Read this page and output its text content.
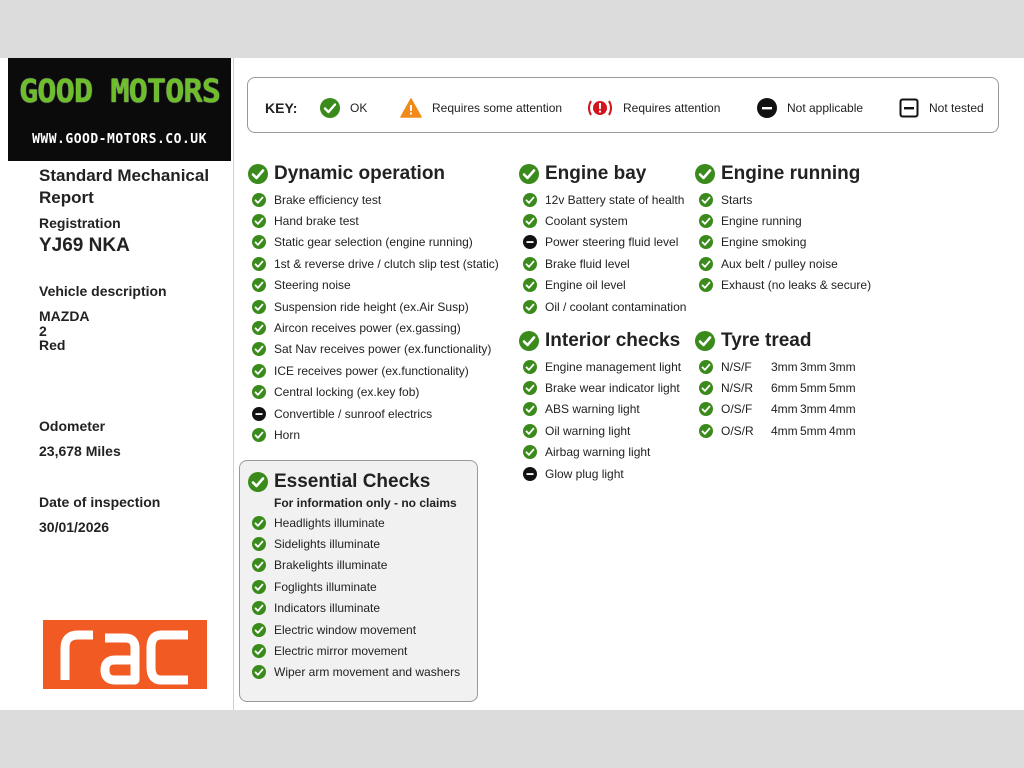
GOOD MOTORS
WWW.GOOD-MOTORS.CO.UK
Standard Mechanical Report
Registration
YJ69 NKA
Vehicle description
MAZDA
2
Red
Odometer
23,678 Miles
Date of inspection
30/01/2026
KEY:	OK	Requires some attention	Requires attention	Not applicable	Not tested
Dynamic operation
Brake efficiency test
Hand brake test
Static gear selection (engine running)
1st & reverse drive / clutch slip test (static)
Steering noise
Suspension ride height (ex.Air Susp)
Aircon receives power (ex.gassing)
Sat Nav receives power (ex.functionality)
ICE receives power (ex.functionality)
Central locking (ex.key fob)
Convertible / sunroof electrics
Horn
Essential Checks
For information only - no claims
Headlights illuminate
Sidelights illuminate
Brakelights illuminate
Foglights illuminate
Indicators illuminate
Electric window movement
Electric mirror movement
Wiper arm movement and washers
Engine bay
12v Battery state of health
Coolant system
Power steering fluid level
Brake fluid level
Engine oil level
Oil / coolant contamination
Interior checks
Engine management light
Brake wear indicator light
ABS warning light
Oil warning light
Airbag warning light
Glow plug light
Engine running
Starts
Engine running
Engine smoking
Aux belt / pulley noise
Exhaust (no leaks & secure)
Tyre tread
N/S/F	3mm 3mm 3mm
N/S/R	6mm 5mm 5mm
O/S/F	4mm 3mm 4mm
O/S/R	4mm 5mm 4mm
